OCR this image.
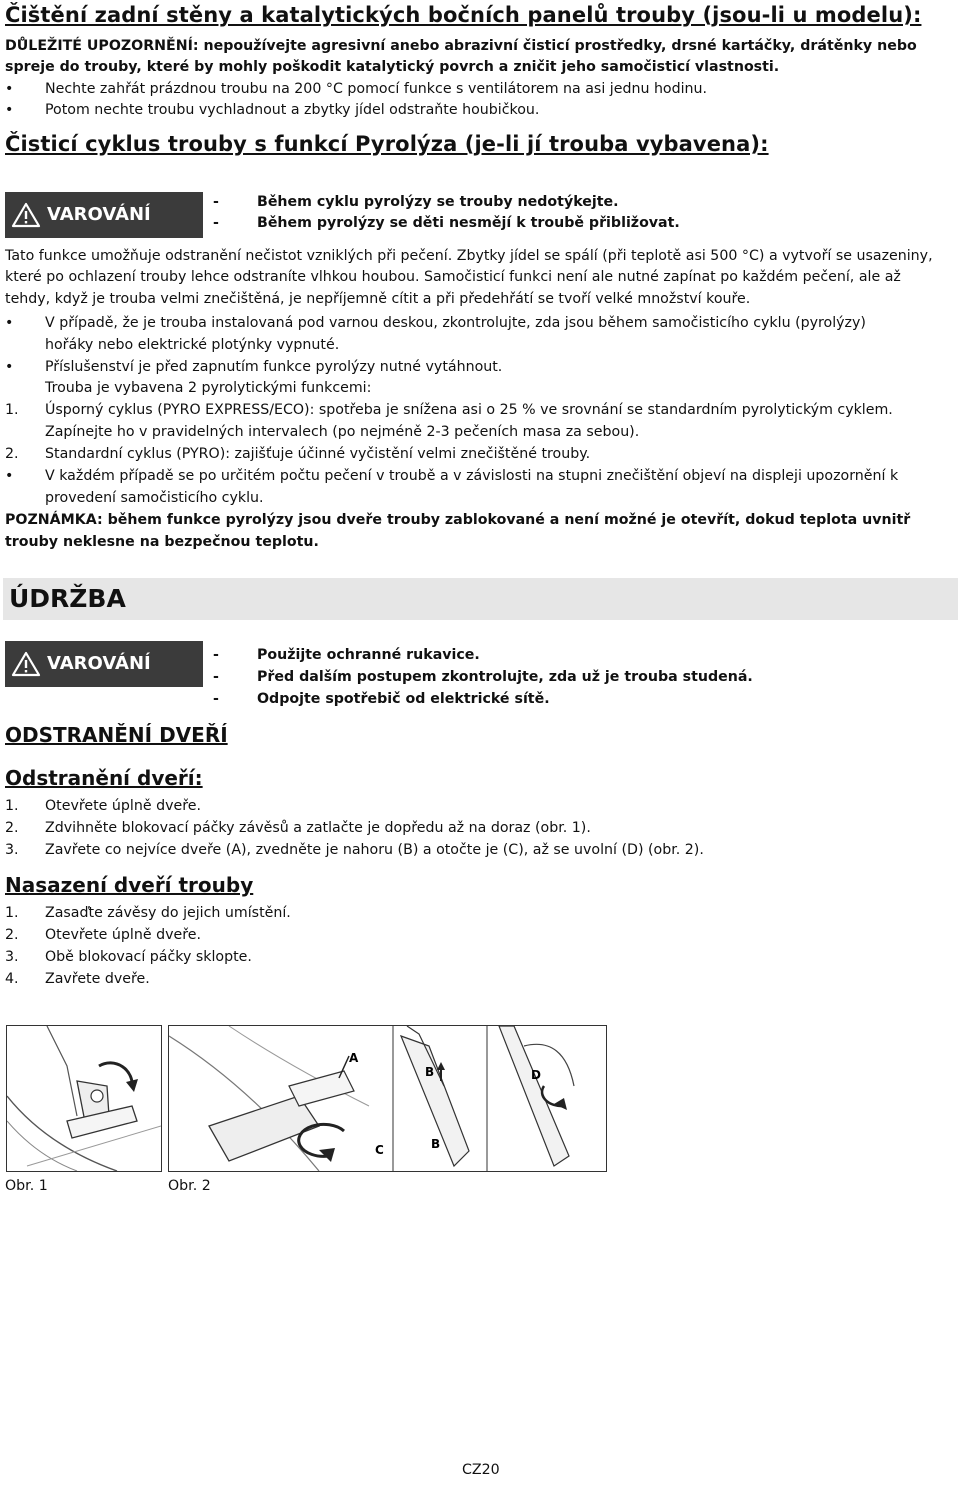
Čištění zadní stěny a katalytických bočních panelů trouby (jsou-li u modelu):
DŮLEŽITÉ UPOZORNĚNÍ: nepoužívejte agresivní anebo abrazivní čisticí prostředky, drsné kartáčky, drátěnky nebo
spreje do trouby, které by mohly poškodit katalytický povrch a zničit jeho samočisticí vlastnosti.
• Nechte zahřát prázdnou troubu na 200 °C pomocí funkce s ventilátorem na asi jednu hodinu.
• Potom nechte troubu vychladnout a zbytky jídel odstraňte houbičkou.
Čisticí cyklus trouby s funkcí Pyrolýza (je-li jí trouba vybavena):
VAROVÁNÍ
-	Během cyklu pyrolýzy se trouby nedotýkejte.
-	Během pyrolýzy se děti nesmějí k troubě přibližovat.
Tato funkce umožňuje odstranění nečistot vzniklých při pečení. Zbytky jídel se spálí (při teplotě asi 500 °C) a vytvoří se usazeniny,
které po ochlazení trouby lehce odstraníte vlhkou houbou. Samočisticí funkci není ale nutné zapínat po každém pečení, ale až
tehdy, když je trouba velmi znečištěná, je nepříjemně cítit a při předehřátí se tvoří velké množství kouře.
• V případě, že je trouba instalovaná pod varnou deskou, zkontrolujte, zda jsou během samočisticího cyklu (pyrolýzy)
hořáky nebo elektrické plotýnky vypnuté.
• Příslušenství je před zapnutím funkce pyrolýzy nutné vytáhnout.
Trouba je vybavena 2 pyrolytickými funkcemi:
1. Úsporný cyklus (PYRO EXPRESS/ECO): spotřeba je snížena asi o 25 % ve srovnání se standardním pyrolytickým cyklem.
Zapínejte ho v pravidelných intervalech (po nejméně 2-3 pečeních masa za sebou).
2. Standardní cyklus (PYRO): zajišťuje účinné vyčistění velmi znečištěné trouby.
• V každém případě se po určitém počtu pečení v troubě a v závislosti na stupni znečištění objeví na displeji upozornění k
provedení samočisticího cyklu.
POZNÁMKA: během funkce pyrolýzy jsou dveře trouby zablokované a není možné je otevřít, dokud teplota uvnitř
trouby neklesne na bezpečnou teplotu.
ÚDRŽBA
VAROVÁNÍ	-	Použijte ochranné rukavice.
-	Před dalším postupem zkontrolujte, zda už je trouba studená.
-	Odpojte spotřebič od elektrické sítě.
ODSTRANĚNÍ DVEŘÍ
Odstranění dveří:
1. Otevřete úplně dveře.
2. Zdvihněte blokovací páčky závěsů a zatlačte je dopředu až na doraz (obr. 1).
3. Zavřete co nejvíce dveře (A), zvedněte je nahoru (B) a otočte je (C), až se uvolní (D) (obr. 2).
Nasazení dveří trouby
1. Zasaďte závěsy do jejich umístění.
2. Otevřete úplně dveře.
3. Obě blokovací páčky sklopte.
4. Zavřete dveře.
A
C
B
B
D
Obr. 1	Obr. 2
CZ20
